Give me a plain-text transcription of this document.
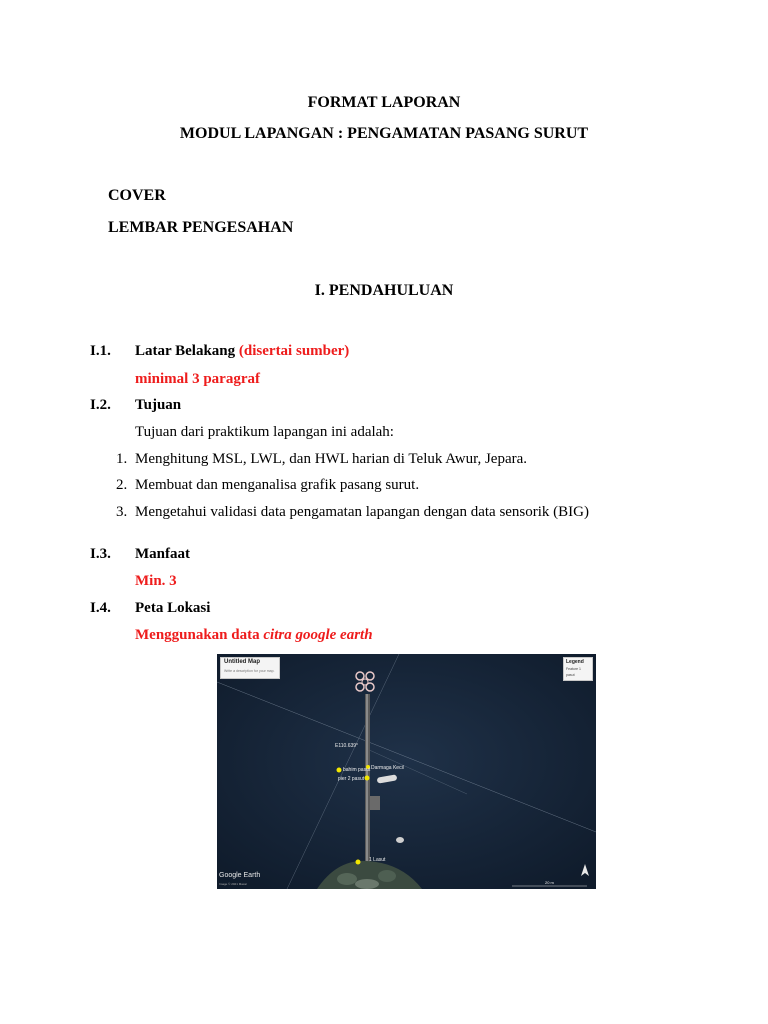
FORMAT LAPORAN
MODUL LAPANGAN : PENGAMATAN PASANG SURUT
COVER
LEMBAR PENGESAHAN
I. PENDAHULUAN
I.1. Latar Belakang (disertai sumber)
minimal 3 paragraf
I.2. Tujuan
Tujuan dari praktikum lapangan ini adalah:
1. Menghitung MSL, LWL, dan HWL harian di Teluk Awur, Jepara.
2. Membuat dan menganalisa grafik pasang surut.
3. Mengetahui validasi data pengamatan lapangan dengan data sensorik (BIG)
I.3. Manfaat
Min. 3
I.4. Peta Lokasi
Menggunakan data citra google earth
Untitled Map
Write a description for your map.
Legend
Feature 1
pasut
E110.639°
bahim pasut
pier 2 pasut
Darmaga Kecil
1 Lasut
20 m
Google Earth
Image © 2021 Maxar
